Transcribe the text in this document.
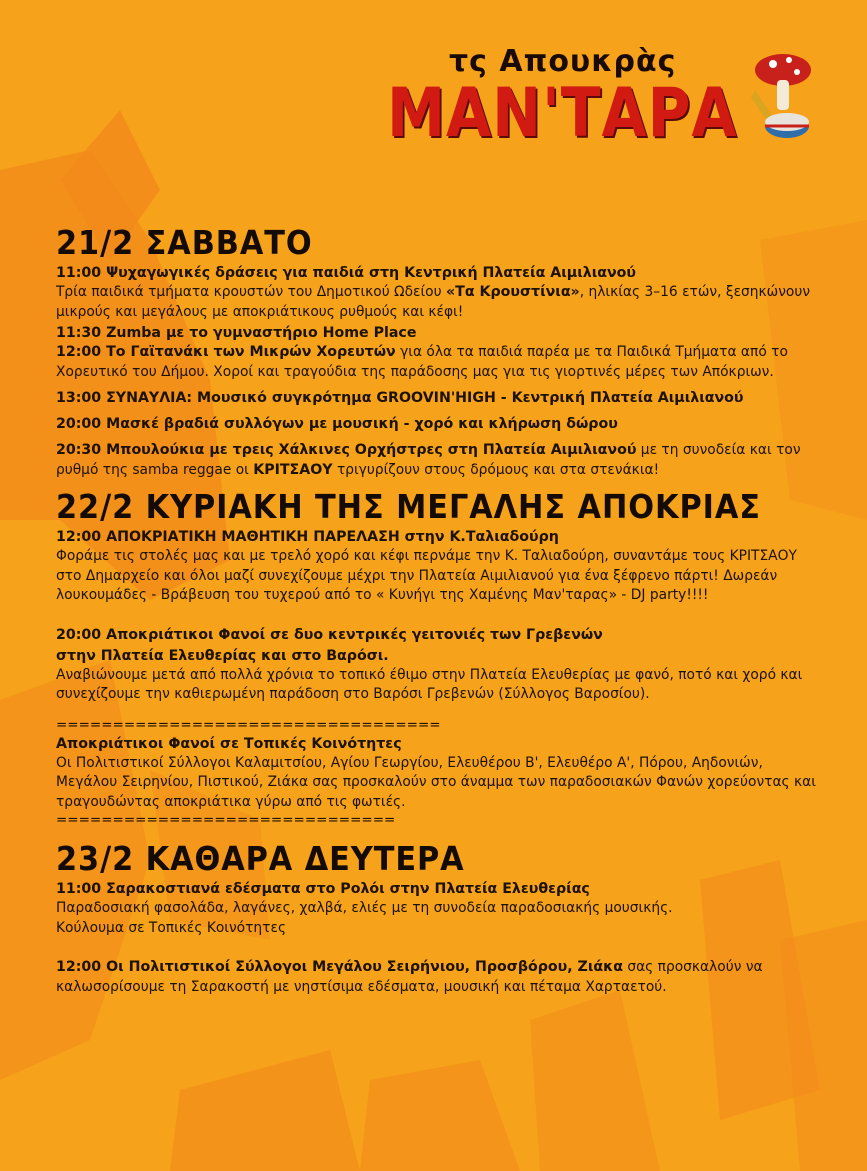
τς Απουκρὰς
ΜΑΝ'ΤΑΡΑ
21/2 ΣΑΒΒΑΤΟ
11:00 Ψυχαγωγικές δράσεις για παιδιά στη Κεντρική Πλατεία Αιμιλιανού
Τρία παιδικά τμήματα κρουστών του Δημοτικού Ωδείου «Τα Κρουστίνια», ηλικίας 3–16 ετών, ξεσηκώνουν μικρούς και μεγάλους με αποκριάτικους ρυθμούς και κέφι!
11:30 Zumba με το γυμναστήριο Home Place
12:00 Το Γαϊτανάκι των Μικρών Χορευτών για όλα τα παιδιά παρέα με τα Παιδικά Τμήματα από το Χορευτικό του Δήμου. Χοροί και τραγούδια της παράδοσης μας για τις γιορτινές μέρες των Απόκριων.
13:00 ΣΥΝΑΥΛΙΑ: Μουσικό συγκρότημα GROOVIN'HIGH - Κεντρική Πλατεία Αιμιλιανού
20:00 Μασκέ βραδιά συλλόγων με μουσική - χορό και κλήρωση δώρου
20:30 Μπουλούκια με τρεις Χάλκινες Ορχήστρες στη Πλατεία Αιμιλιανού με τη συνοδεία και τον ρυθμό της samba reggae οι ΚΡΙΤΣΑΟΥ τριγυρίζουν στους δρόμους και στα στενάκια!
22/2 ΚΥΡΙΑΚΗ ΤΗΣ ΜΕΓΑΛΗΣ ΑΠΟΚΡΙΑΣ
12:00 ΑΠΟΚΡΙΑΤΙΚΗ ΜΑΘΗΤΙΚΗ ΠΑΡΕΛΑΣΗ στην Κ.Ταλιαδούρη
Φοράμε τις στολές μας και με τρελό χορό και κέφι περνάμε την Κ. Ταλιαδούρη, συναντάμε τους ΚΡΙΤΣΑΟΥ στο Δημαρχείο και όλοι μαζί συνεχίζουμε μέχρι την Πλατεία Αιμιλιανού για ένα ξέφρενο πάρτι! Δωρεάν λουκουμάδες - Βράβευση του τυχερού από το « Κυνήγι της Χαμένης Μαν'ταρας» - DJ party!!!!
20:00 Αποκριάτικοι Φανοί σε δυο κεντρικές γειτονιές των Γρεβενών
στην Πλατεία Ελευθερίας και στο Βαρόσι.
Αναβιώνουμε μετά από πολλά χρόνια το τοπικό έθιμο στην Πλατεία Ελευθερίας με φανό, ποτό και χορό και συνεχίζουμε την καθιερωμένη παράδοση στο Βαρόσι Γρεβενών (Σύλλογος Βαροσίου).
==================================
Αποκριάτικοι Φανοί σε Τοπικές Κοινότητες
Οι Πολιτιστικοί Σύλλογοι Καλαμιτσίου, Αγίου Γεωργίου, Ελευθέρου Β', Ελευθέρο Α', Πόρου, Αηδονιών, Μεγάλου Σειρηνίου, Πιστικού, Ζιάκα σας προσκαλούν στο άναμμα των παραδοσιακών Φανών χορεύοντας και τραγουδώντας αποκριάτικα γύρω από τις φωτιές.
==============================
23/2 ΚΑΘΑΡΑ ΔΕΥΤΕΡΑ
11:00 Σαρακοστιανά εδέσματα στο Ρολόι στην Πλατεία Ελευθερίας
Παραδοσιακή φασολάδα, λαγάνες, χαλβά, ελιές με τη συνοδεία παραδοσιακής μουσικής.
Κούλουμα σε Τοπικές Κοινότητες
12:00 Οι Πολιτιστικοί Σύλλογοι Μεγάλου Σειρήνιου, Προσβόρου, Ζιάκα σας προσκαλούν να καλωσορίσουμε τη Σαρακοστή με νηστίσιμα εδέσματα, μουσική και πέταμα Χαρταετού.
